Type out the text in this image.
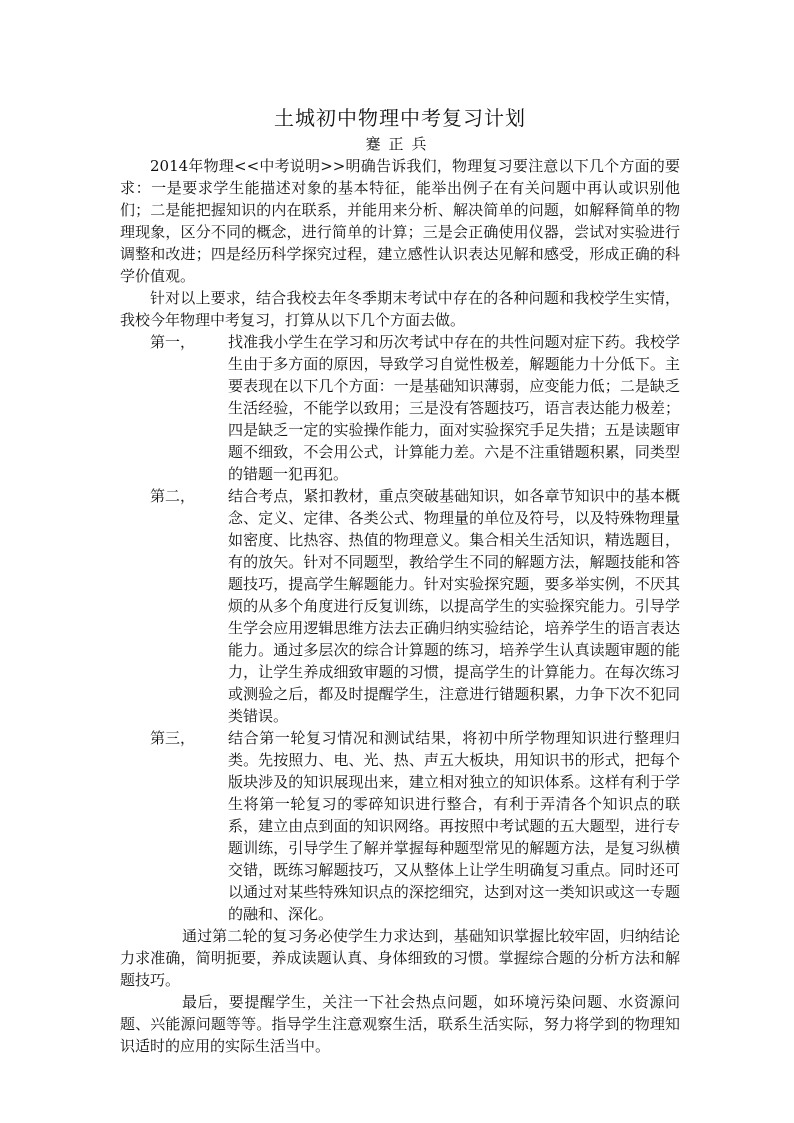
土城初中物理中考复习计划
蹇正兵

2014年物理<<中考说明>>明确告诉我们，物理复习要注意以下几个方面的要求：一是要求学生能描述对象的基本特征，能举出例子在有关问题中再认或识别他们；二是能把握知识的内在联系，并能用来分析、解决简单的问题，如解释简单的物理现象，区分不同的概念，进行简单的计算；三是会正确使用仪器，尝试对实验进行调整和改进；四是经历科学探究过程，建立感性认识表达见解和感受，形成正确的科学价值观。

针对以上要求，结合我校去年冬季期末考试中存在的各种问题和我校学生实情，我校今年物理中考复习，打算从以下几个方面去做。

第一，	找准我小学生在学习和历次考试中存在的共性问题对症下药。我校学生由于多方面的原因，导致学习自觉性极差，解题能力十分低下。主要表现在以下几个方面：一是基础知识薄弱，应变能力低；二是缺乏生活经验，不能学以致用；三是没有答题技巧，语言表达能力极差；四是缺乏一定的实验操作能力，面对实验探究手足失措；五是读题审题不细致，不会用公式，计算能力差。六是不注重错题积累，同类型的错题一犯再犯。
第二，	结合考点，紧扣教材，重点突破基础知识，如各章节知识中的基本概念、定义、定律、各类公式、物理量的单位及符号，以及特殊物理量如密度、比热容、热值的物理意义。集合相关生活知识，精选题目，有的放矢。针对不同题型，教给学生不同的解题方法，解题技能和答题技巧，提高学生解题能力。针对实验探究题，要多举实例，不厌其烦的从多个角度进行反复训练，以提高学生的实验探究能力。引导学生学会应用逻辑思维方法去正确归纳实验结论，培养学生的语言表达能力。通过多层次的综合计算题的练习，培养学生认真读题审题的能力，让学生养成细致审题的习惯，提高学生的计算能力。在每次练习或测验之后，都及时提醒学生，注意进行错题积累，力争下次不犯同类错误。
第三，	结合第一轮复习情况和测试结果，将初中所学物理知识进行整理归类。先按照力、电、光、热、声五大板块，用知识书的形式，把每个版块涉及的知识展现出来，建立相对独立的知识体系。这样有利于学生将第一轮复习的零碎知识进行整合，有利于弄清各个知识点的联系，建立由点到面的知识网络。再按照中考试题的五大题型，进行专题训练，引导学生了解并掌握每种题型常见的解题方法，是复习纵横交错，既练习解题技巧，又从整体上让学生明确复习重点。同时还可以通过对某些特殊知识点的深挖细究，达到对这一类知识或这一专题的融和、深化。

通过第二轮的复习务必使学生力求达到，基础知识掌握比较牢固，归纳结论力求准确，简明扼要，养成读题认真、身体细致的习惯。掌握综合题的分析方法和解题技巧。

最后，要提醒学生，关注一下社会热点问题，如环境污染问题、水资源问题、兴能源问题等等。指导学生注意观察生活，联系生活实际，努力将学到的物理知识适时的应用的实际生活当中。
